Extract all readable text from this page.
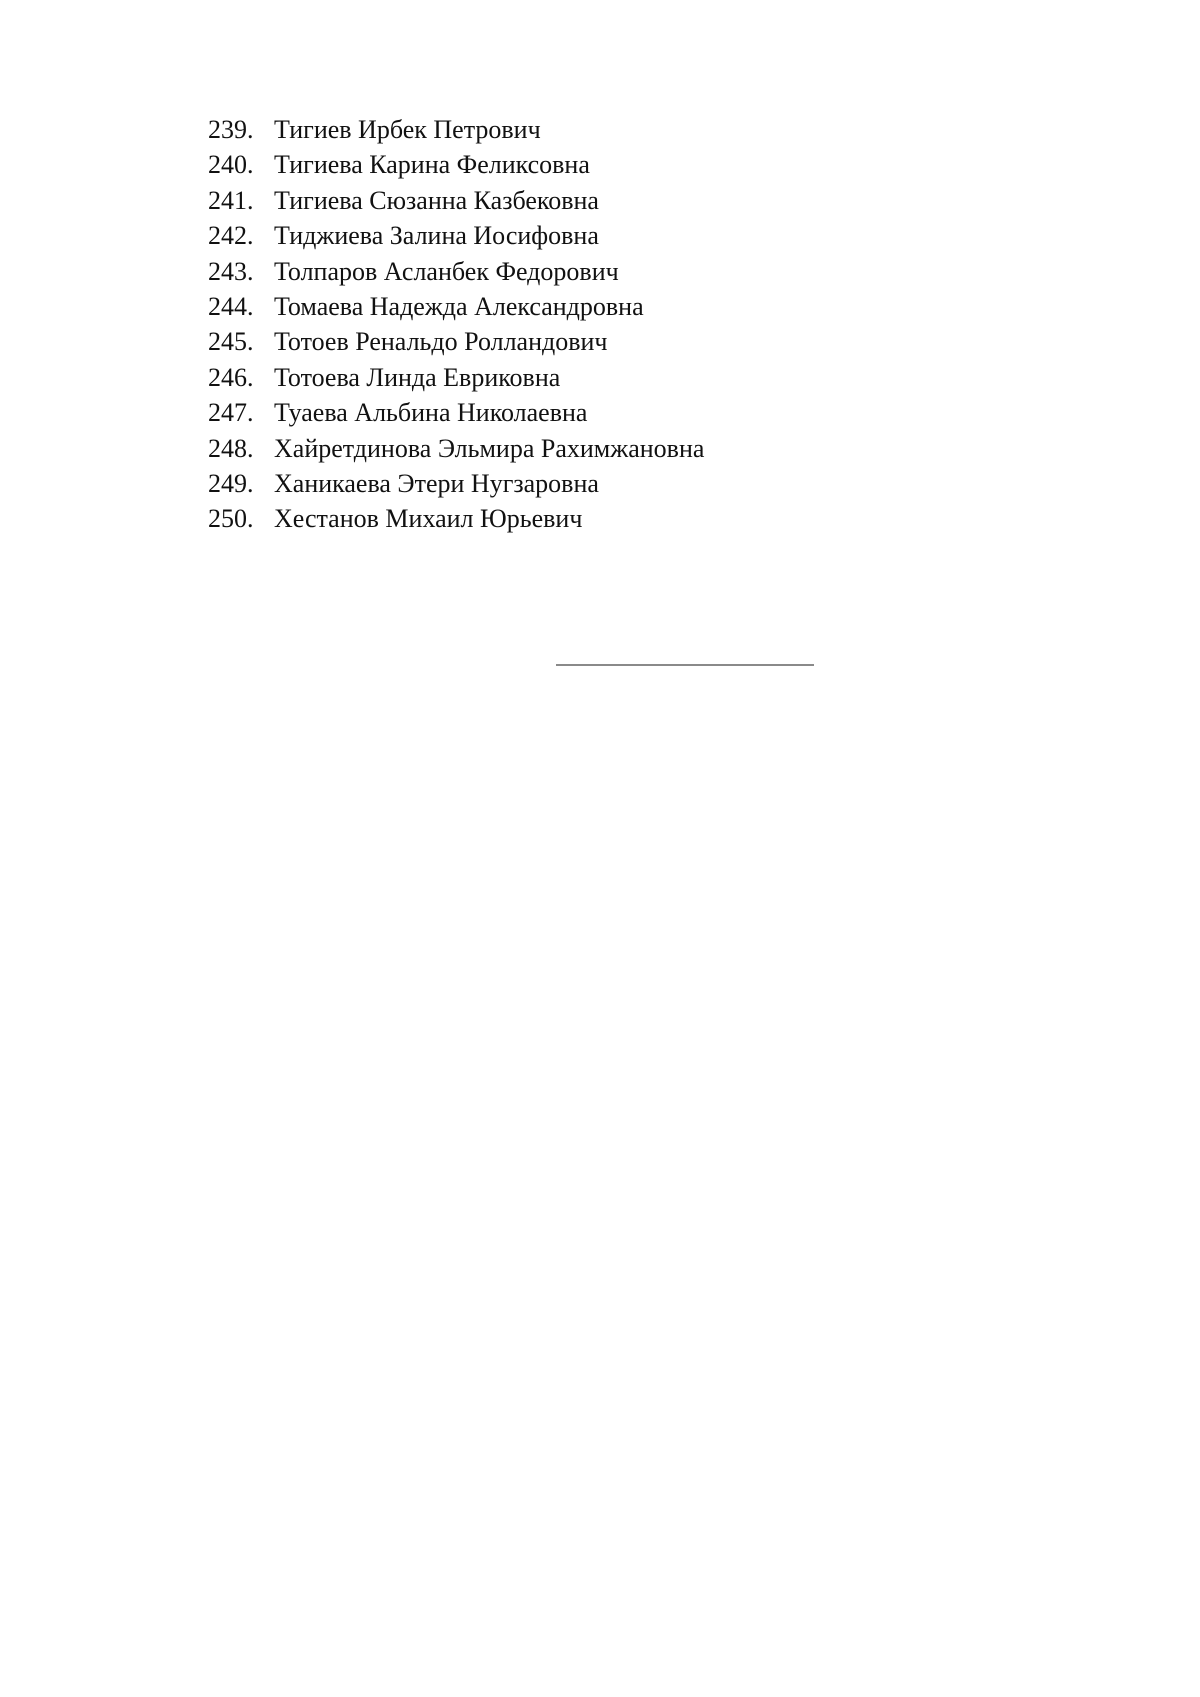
239. Тигиев Ирбек Петрович
240. Тигиева Карина Феликсовна
241. Тигиева Сюзанна Казбековна
242. Тиджиева Залина Иосифовна
243. Толпаров Асланбек Федорович
244. Томаева Надежда Александровна
245. Тотоев Ренальдо Ролландович
246. Тотоева Линда Евриковна
247. Туаева Альбина Николаевна
248. Хайретдинова Эльмира Рахимжановна
249. Ханикаева Этери Нугзаровна
250. Хестанов Михаил Юрьевич
